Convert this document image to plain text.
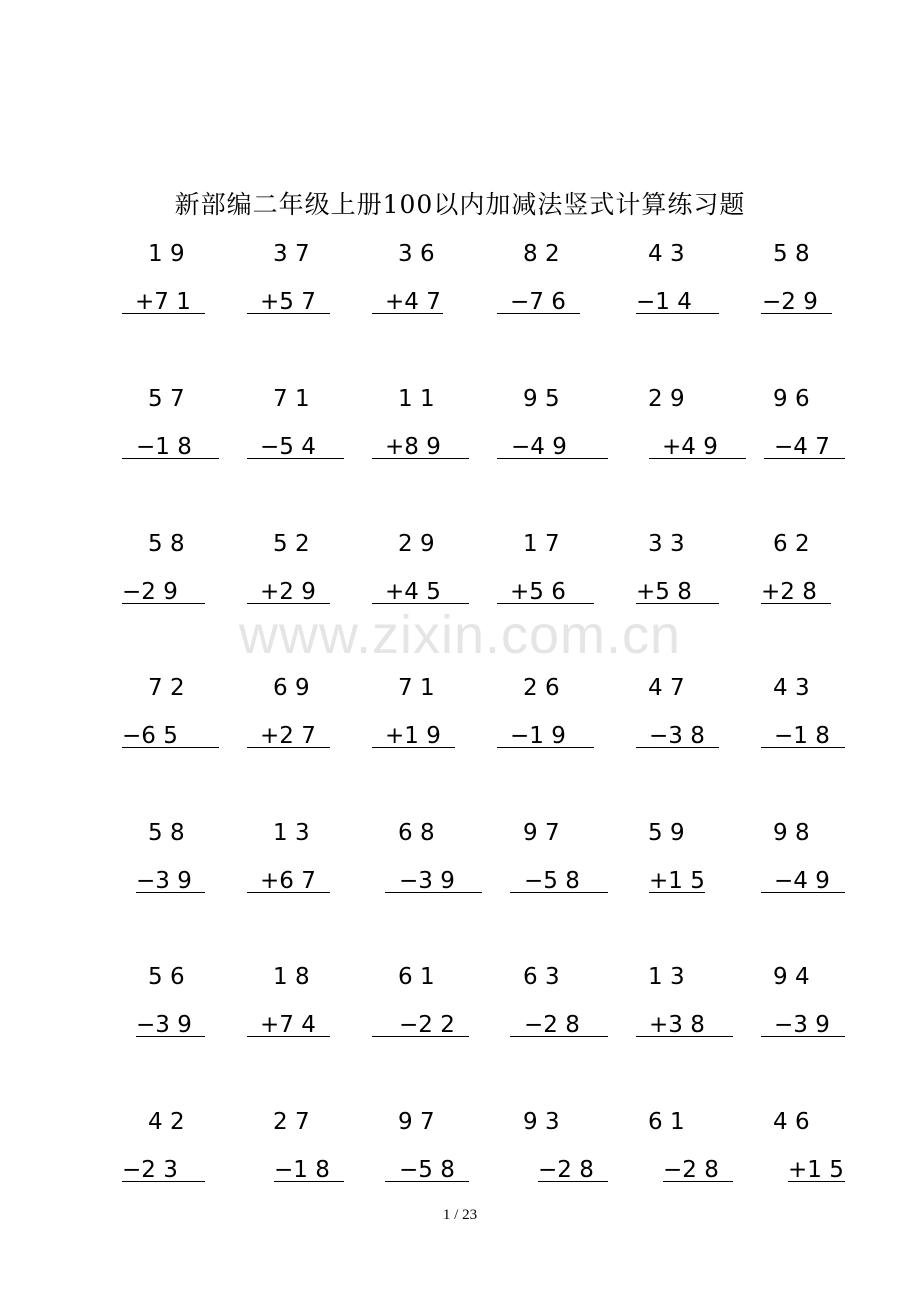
新部编二年级上册100以内加减法竖式计算练习题
www.zixin.com.cn
1 9
+7 1
3 7
+5 7
3 6
+4 7
8 2
−7 6
4 3
−1 4
5 8
−2 9
5 7
−1 8
7 1
−5 4
1 1
+8 9
9 5
−4 9
2 9
+4 9
9 6
−4 7
5 8
−2 9
5 2
+2 9
2 9
+4 5
1 7
+5 6
3 3
+5 8
6 2
+2 8
7 2
−6 5
6 9
+2 7
7 1
+1 9
2 6
−1 9
4 7
−3 8
4 3
−1 8
5 8
−3 9
1 3
+6 7
6 8
−3 9
9 7
−5 8
5 9
+1 5
9 8
−4 9
5 6
−3 9
1 8
+7 4
6 1
−2 2
6 3
−2 8
1 3
+3 8
9 4
−3 9
4 2
−2 3
2 7
−1 8
9 7
−5 8
9 3
−2 8
6 1
−2 8
4 6
+1 5
1 / 23
